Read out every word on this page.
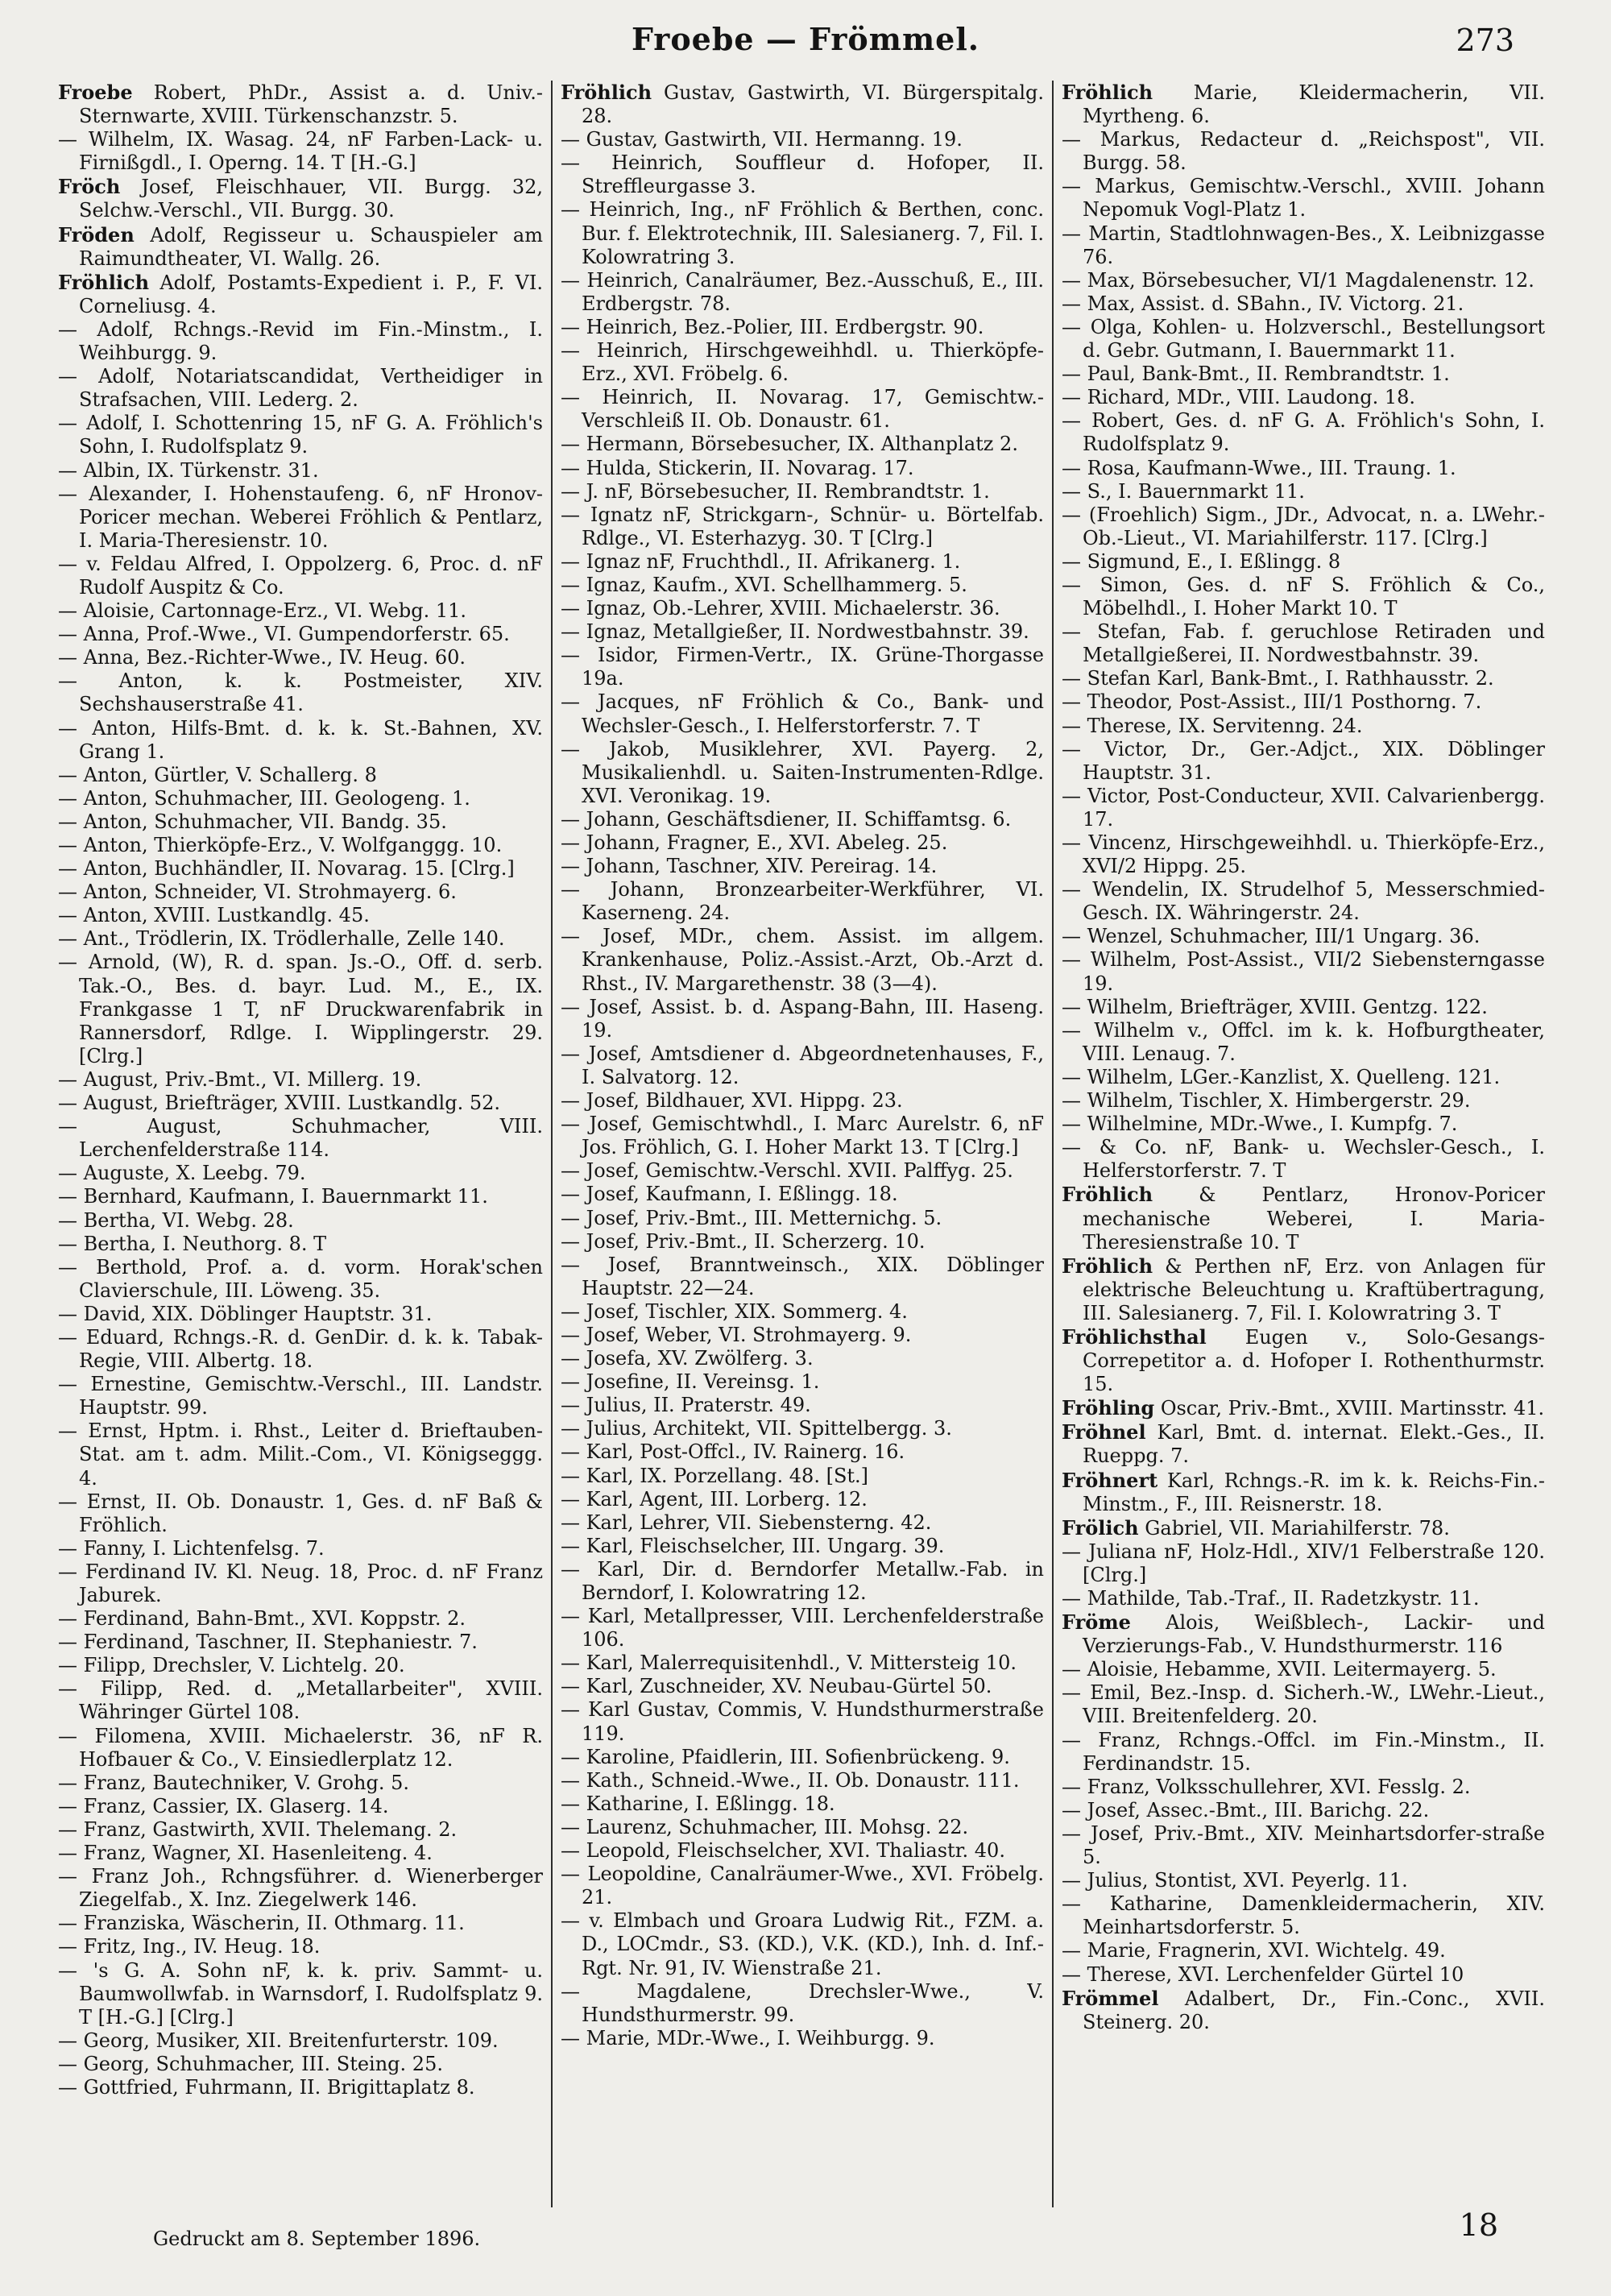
Froebe — Frömmel.	273
Froebe Robert, PhDr., Assist a. d. Univ.-Sternwarte, XVIII. Türkenschanzstr. 5.
— Wilhelm, IX. Wasag. 24, nF Farben-Lack- u. Firnißgdl., I. Operng. 14. T [H.-G.]
Fröch Josef, Fleischhauer, VII. Burgg. 32, Selchw.-Verschl., VII. Burgg. 30.
Fröden Adolf, Regisseur u. Schauspieler am Raimundtheater, VI. Wallg. 26.
Fröhlich Adolf, Postamts-Expedient i. P., F. VI. Corneliusg. 4.
— Adolf, Rchngs.-Revid im Fin.-Minstm., I. Weihburgg. 9.
— Adolf, Notariatscandidat, Vertheidiger in Strafsachen, VIII. Lederg. 2.
— Adolf, I. Schottenring 15, nF G. A. Fröhlich's Sohn, I. Rudolfsplatz 9.
— Albin, IX. Türkenstr. 31.
— Alexander, I. Hohenstaufeng. 6, nF Hronov-Poricer mechan. Weberei Fröhlich & Pentlarz, I. Maria-Theresienstr. 10.
— v. Feldau Alfred, I. Oppolzerg. 6, Proc. d. nF Rudolf Auspitz & Co.
— Aloisie, Cartonnage-Erz., VI. Webg. 11.
— Anna, Prof.-Wwe., VI. Gumpendorferstr. 65.
— Anna, Bez.-Richter-Wwe., IV. Heug. 60.
— Anton, k. k. Postmeister, XIV. Sechshauserstraße 41.
— Anton, Hilfs-Bmt. d. k. k. St.-Bahnen, XV. Grang 1.
— Anton, Gürtler, V. Schallerg. 8
— Anton, Schuhmacher, III. Geologeng. 1.
— Anton, Schuhmacher, VII. Bandg. 35.
— Anton, Thierköpfe-Erz., V. Wolfganggg. 10.
— Anton, Buchhändler, II. Novarag. 15. [Clrg.]
— Anton, Schneider, VI. Strohmayerg. 6.
— Anton, XVIII. Lustkandlg. 45.
— Ant., Trödlerin, IX. Trödlerhalle, Zelle 140.
— Arnold, (W), R. d. span. Js.-O., Off. d. serb. Tak.-O., Bes. d. bayr. Lud. M., E., IX. Frankgasse 1 T, nF Druckwarenfabrik in Rannersdorf, Rdlge. I. Wipplingerstr. 29. [Clrg.]
— August, Priv.-Bmt., VI. Millerg. 19.
— August, Briefträger, XVIII. Lustkandlg. 52.
— August, Schuhmacher, VIII. Lerchenfelderstraße 114.
— Auguste, X. Leebg. 79.
— Bernhard, Kaufmann, I. Bauernmarkt 11.
— Bertha, VI. Webg. 28.
— Bertha, I. Neuthorg. 8. T
— Berthold, Prof. a. d. vorm. Horak'schen Clavierschule, III. Löweng. 35.
— David, XIX. Döblinger Hauptstr. 31.
— Eduard, Rchngs.-R. d. GenDir. d. k. k. Tabak-Regie, VIII. Albertg. 18.
— Ernestine, Gemischtw.-Verschl., III. Landstr. Hauptstr. 99.
— Ernst, Hptm. i. Rhst., Leiter d. Brieftauben-Stat. am t. adm. Milit.-Com., VI. Königseggg. 4.
— Ernst, II. Ob. Donaustr. 1, Ges. d. nF Baß & Fröhlich.
— Fanny, I. Lichtenfelsg. 7.
— Ferdinand IV. Kl. Neug. 18, Proc. d. nF Franz Jaburek.
— Ferdinand, Bahn-Bmt., XVI. Koppstr. 2.
— Ferdinand, Taschner, II. Stephaniestr. 7.
— Filipp, Drechsler, V. Lichtelg. 20.
— Filipp, Red. d. „Metallarbeiter", XVIII. Währinger Gürtel 108.
— Filomena, XVIII. Michaelerstr. 36, nF R. Hofbauer & Co., V. Einsiedlerplatz 12.
— Franz, Bautechniker, V. Grohg. 5.
— Franz, Cassier, IX. Glaserg. 14.
— Franz, Gastwirth, XVII. Thelemang. 2.
— Franz, Wagner, XI. Hasenleiteng. 4.
— Franz Joh., Rchngsführer. d. Wienerberger Ziegelfab., X. Inz. Ziegelwerk 146.
— Franziska, Wäscherin, II. Othmarg. 11.
— Fritz, Ing., IV. Heug. 18.
— 's G. A. Sohn nF, k. k. priv. Sammt- u. Baumwollwfab. in Warnsdorf, I. Rudolfsplatz 9. T [H.-G.] [Clrg.]
— Georg, Musiker, XII. Breitenfurterstr. 109.
— Georg, Schuhmacher, III. Steing. 25.
— Gottfried, Fuhrmann, II. Brigittaplatz 8.
Fröhlich Gustav, Gastwirth, VI. Bürgerspitalg. 28.
— Gustav, Gastwirth, VII. Hermanng. 19.
— Heinrich, Souffleur d. Hofoper, II. Streffleurgasse 3.
— Heinrich, Ing., nF Fröhlich & Berthen, conc. Bur. f. Elektrotechnik, III. Salesianerg. 7, Fil. I. Kolowratring 3.
— Heinrich, Canalräumer, Bez.-Ausschuß, E., III. Erdbergstr. 78.
— Heinrich, Bez.-Polier, III. Erdbergstr. 90.
— Heinrich, Hirschgeweihhdl. u. Thierköpfe-Erz., XVI. Fröbelg. 6.
— Heinrich, II. Novarag. 17, Gemischtw.-Verschleiß II. Ob. Donaustr. 61.
— Hermann, Börsebesucher, IX. Althanplatz 2.
— Hulda, Stickerin, II. Novarag. 17.
— J. nF, Börsebesucher, II. Rembrandtstr. 1.
— Ignatz nF, Strickgarn-, Schnür- u. Börtelfab. Rdlge., VI. Esterhazyg. 30. T [Clrg.]
— Ignaz nF, Fruchthdl., II. Afrikanerg. 1.
— Ignaz, Kaufm., XVI. Schellhammerg. 5.
— Ignaz, Ob.-Lehrer, XVIII. Michaelerstr. 36.
— Ignaz, Metallgießer, II. Nordwestbahnstr. 39.
— Isidor, Firmen-Vertr., IX. Grüne-Thorgasse 19a.
— Jacques, nF Fröhlich & Co., Bank- und Wechsler-Gesch., I. Helferstorferstr. 7. T
— Jakob, Musiklehrer, XVI. Payerg. 2, Musikalienhdl. u. Saiten-Instrumenten-Rdlge. XVI. Veronikag. 19.
— Johann, Geschäftsdiener, II. Schiffamtsg. 6.
— Johann, Fragner, E., XVI. Abeleg. 25.
— Johann, Taschner, XIV. Pereirag. 14.
— Johann, Bronzearbeiter-Werkführer, VI. Kaserneng. 24.
— Josef, MDr., chem. Assist. im allgem. Krankenhause, Poliz.-Assist.-Arzt, Ob.-Arzt d. Rhst., IV. Margarethenstr. 38 (3—4).
— Josef, Assist. b. d. Aspang-Bahn, III. Haseng. 19.
— Josef, Amtsdiener d. Abgeordnetenhauses, F., I. Salvatorg. 12.
— Josef, Bildhauer, XVI. Hippg. 23.
— Josef, Gemischtwhdl., I. Marc Aurelstr. 6, nF Jos. Fröhlich, G. I. Hoher Markt 13. T [Clrg.]
— Josef, Gemischtw.-Verschl. XVII. Palffyg. 25.
— Josef, Kaufmann, I. Eßlingg. 18.
— Josef, Priv.-Bmt., III. Metternichg. 5.
— Josef, Priv.-Bmt., II. Scherzerg. 10.
— Josef, Branntweinsch., XIX. Döblinger Hauptstr. 22—24.
— Josef, Tischler, XIX. Sommerg. 4.
— Josef, Weber, VI. Strohmayerg. 9.
— Josefa, XV. Zwölferg. 3.
— Josefine, II. Vereinsg. 1.
— Julius, II. Praterstr. 49.
— Julius, Architekt, VII. Spittelbergg. 3.
— Karl, Post-Offcl., IV. Rainerg. 16.
— Karl, IX. Porzellang. 48. [St.]
— Karl, Agent, III. Lorberg. 12.
— Karl, Lehrer, VII. Siebensterng. 42.
— Karl, Fleischselcher, III. Ungarg. 39.
— Karl, Dir. d. Berndorfer Metallw.-Fab. in Berndorf, I. Kolowratring 12.
— Karl, Metallpresser, VIII. Lerchenfelderstraße 106.
— Karl, Malerrequisitenhdl., V. Mittersteig 10.
— Karl, Zuschneider, XV. Neubau-Gürtel 50.
— Karl Gustav, Commis, V. Hundsthurmerstraße 119.
— Karoline, Pfaidlerin, III. Sofienbrückeng. 9.
— Kath., Schneid.-Wwe., II. Ob. Donaustr. 111.
— Katharine, I. Eßlingg. 18.
— Laurenz, Schuhmacher, III. Mohsg. 22.
— Leopold, Fleischselcher, XVI. Thaliastr. 40.
— Leopoldine, Canalräumer-Wwe., XVI. Fröbelg. 21.
— v. Elmbach und Groara Ludwig Rit., FZM. a. D., LOCmdr., S3. (KD.), V.K. (KD.), Inh. d. Inf.-Rgt. Nr. 91, IV. Wienstraße 21.
— Magdalene, Drechsler-Wwe., V. Hundsthurmerstr. 99.
— Marie, MDr.-Wwe., I. Weihburgg. 9.
Fröhlich Marie, Kleidermacherin, VII. Myrtheng. 6.
— Markus, Redacteur d. „Reichspost", VII. Burgg. 58.
— Markus, Gemischtw.-Verschl., XVIII. Johann Nepomuk Vogl-Platz 1.
— Martin, Stadtlohnwagen-Bes., X. Leibnizgasse 76.
— Max, Börsebesucher, VI/1 Magdalenenstr. 12.
— Max, Assist. d. SBahn., IV. Victorg. 21.
— Olga, Kohlen- u. Holzverschl., Bestellungsort d. Gebr. Gutmann, I. Bauernmarkt 11.
— Paul, Bank-Bmt., II. Rembrandtstr. 1.
— Richard, MDr., VIII. Laudong. 18.
— Robert, Ges. d. nF G. A. Fröhlich's Sohn, I. Rudolfsplatz 9.
— Rosa, Kaufmann-Wwe., III. Traung. 1.
— S., I. Bauernmarkt 11.
— (Froehlich) Sigm., JDr., Advocat, n. a. LWehr.-Ob.-Lieut., VI. Mariahilferstr. 117. [Clrg.]
— Sigmund, E., I. Eßlingg. 8
— Simon, Ges. d. nF S. Fröhlich & Co., Möbelhdl., I. Hoher Markt 10. T
— Stefan, Fab. f. geruchlose Retiraden und Metallgießerei, II. Nordwestbahnstr. 39.
— Stefan Karl, Bank-Bmt., I. Rathhausstr. 2.
— Theodor, Post-Assist., III/1 Posthorng. 7.
— Therese, IX. Servitenng. 24.
— Victor, Dr., Ger.-Adjct., XIX. Döblinger Hauptstr. 31.
— Victor, Post-Conducteur, XVII. Calvarienbergg. 17.
— Vincenz, Hirschgeweihhdl. u. Thierköpfe-Erz., XVI/2 Hippg. 25.
— Wendelin, IX. Strudelhof 5, Messerschmied-Gesch. IX. Währingerstr. 24.
— Wenzel, Schuhmacher, III/1 Ungarg. 36.
— Wilhelm, Post-Assist., VII/2 Siebensterngasse 19.
— Wilhelm, Briefträger, XVIII. Gentzg. 122.
— Wilhelm v., Offcl. im k. k. Hofburgtheater, VIII. Lenaug. 7.
— Wilhelm, LGer.-Kanzlist, X. Quelleng. 121.
— Wilhelm, Tischler, X. Himbergerstr. 29.
— Wilhelmine, MDr.-Wwe., I. Kumpfg. 7.
— & Co. nF, Bank- u. Wechsler-Gesch., I. Helferstorferstr. 7. T
Fröhlich & Pentlarz, Hronov-Poricer mechanische Weberei, I. Maria-Theresienstraße 10. T
Fröhlich & Perthen nF, Erz. von Anlagen für elektrische Beleuchtung u. Kraftübertragung, III. Salesianerg. 7, Fil. I. Kolowratring 3. T
Fröhlichsthal Eugen v., Solo-Gesangs-Correpetitor a. d. Hofoper I. Rothenthurmstr. 15.
Fröhling Oscar, Priv.-Bmt., XVIII. Martinsstr. 41.
Fröhnel Karl, Bmt. d. internat. Elekt.-Ges., II. Rueppg. 7.
Fröhnert Karl, Rchngs.-R. im k. k. Reichs-Fin.-Minstm., F., III. Reisnerstr. 18.
Frölich Gabriel, VII. Mariahilferstr. 78.
— Juliana nF, Holz-Hdl., XIV/1 Felberstraße 120. [Clrg.]
— Mathilde, Tab.-Traf., II. Radetzkystr. 11.
Fröme Alois, Weißblech-, Lackir- und Verzierungs-Fab., V. Hundsthurmerstr. 116
— Aloisie, Hebamme, XVII. Leitermayerg. 5.
— Emil, Bez.-Insp. d. Sicherh.-W., LWehr.-Lieut., VIII. Breitenfelderg. 20.
— Franz, Rchngs.-Offcl. im Fin.-Minstm., II. Ferdinandstr. 15.
— Franz, Volksschullehrer, XVI. Fesslg. 2.
— Josef, Assec.-Bmt., III. Barichg. 22.
— Josef, Priv.-Bmt., XIV. Meinhartsdorfer-straße 5.
— Julius, Stontist, XVI. Peyerlg. 11.
— Katharine, Damenkleidermacherin, XIV. Meinhartsdorferstr. 5.
— Marie, Fragnerin, XVI. Wichtelg. 49.
— Therese, XVI. Lerchenfelder Gürtel 10
Frömmel Adalbert, Dr., Fin.-Conc., XVII. Steinerg. 20.
Gedruckt am 8. September 1896.	18
